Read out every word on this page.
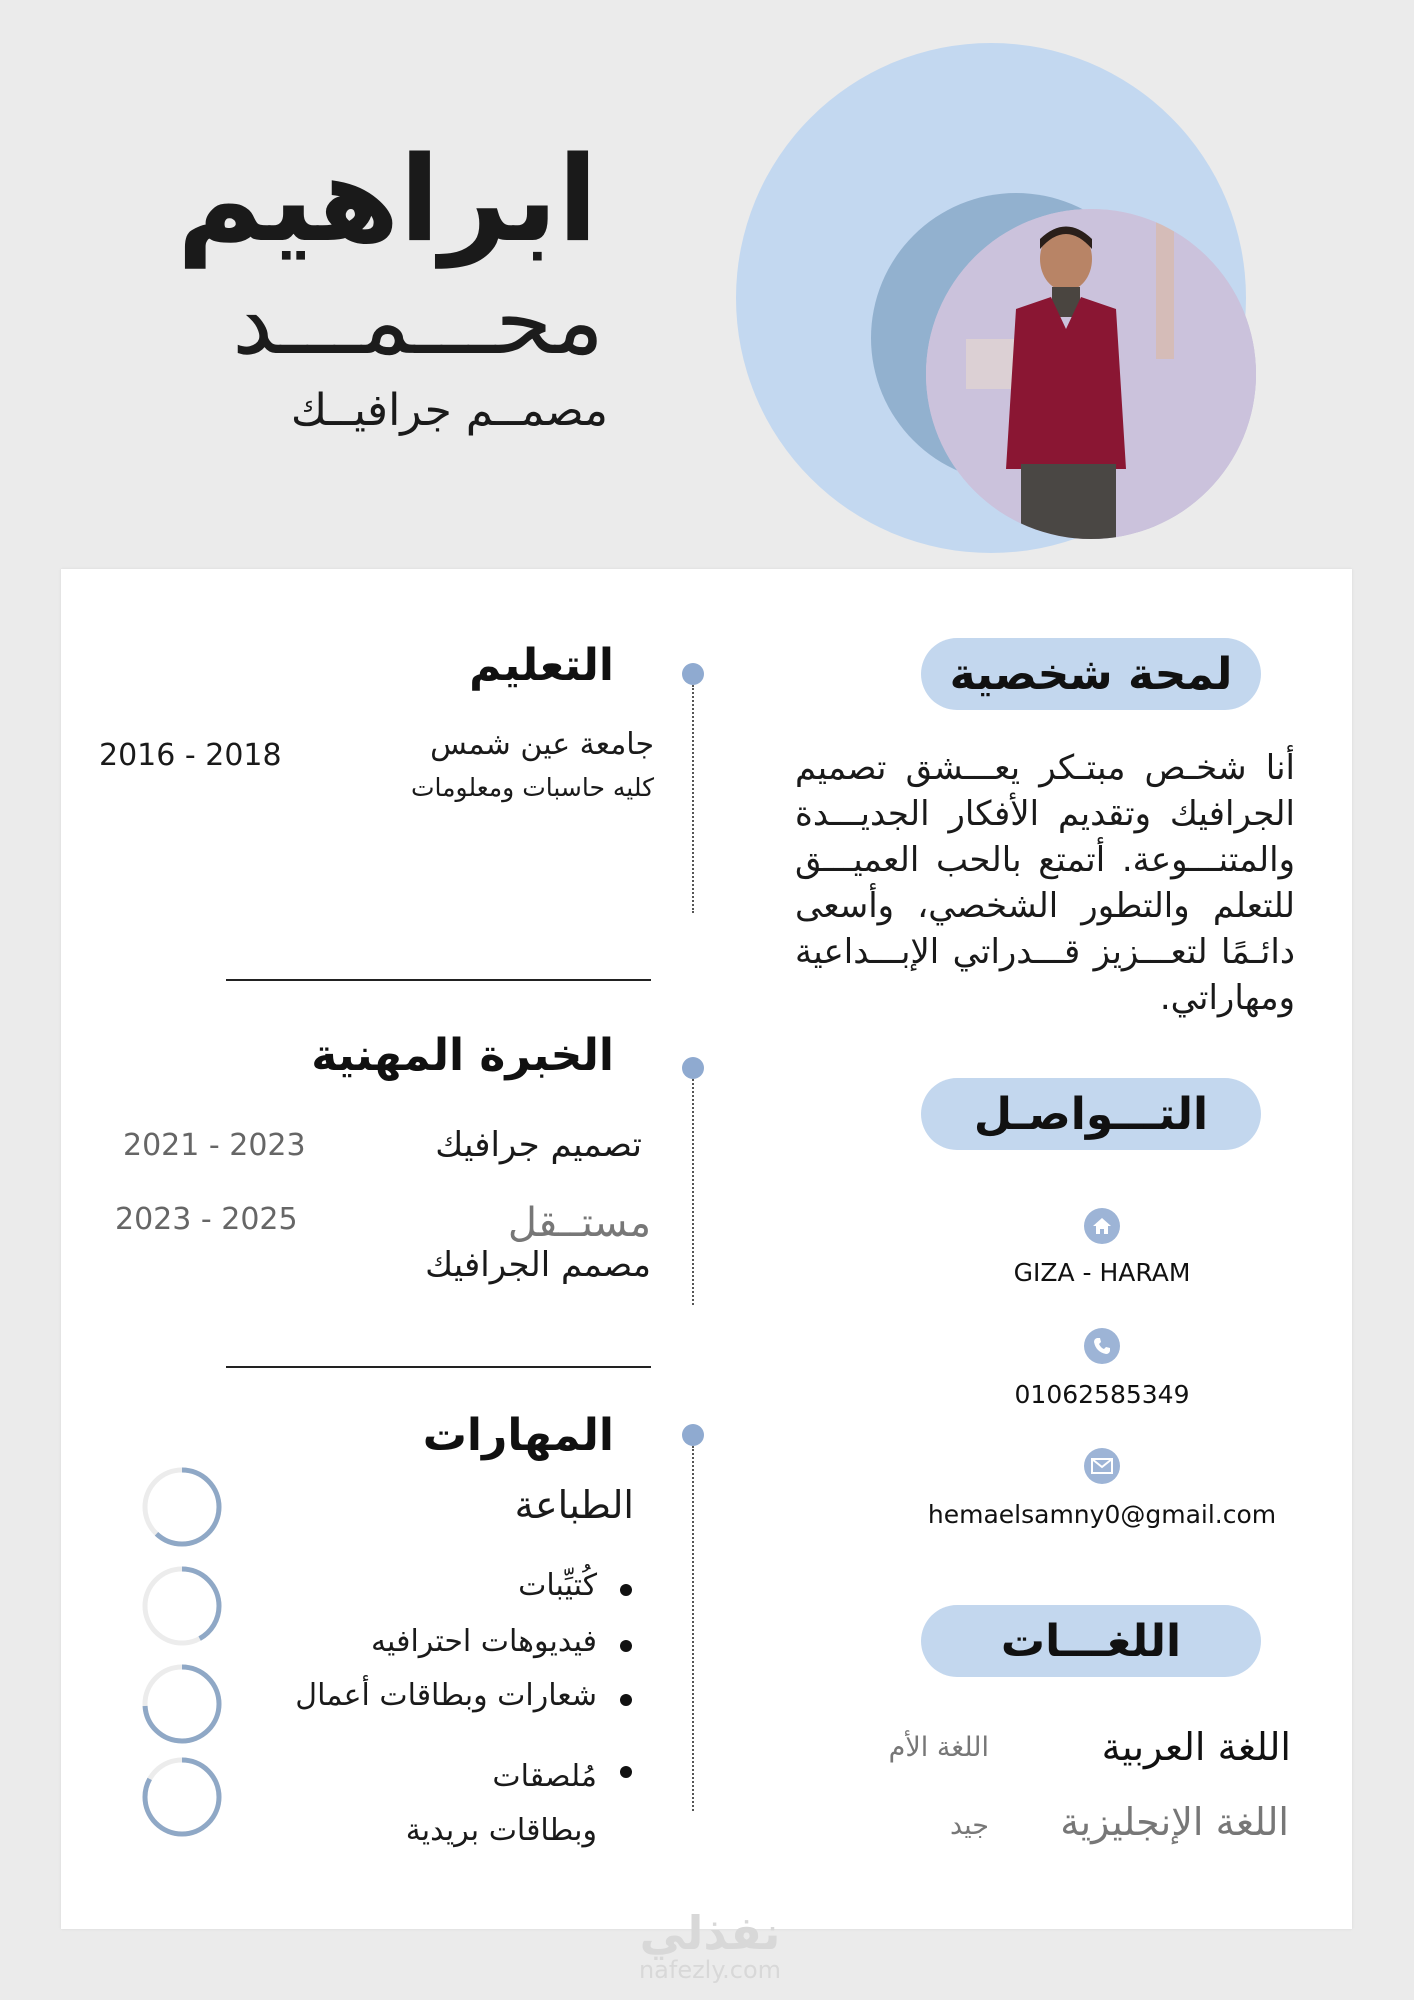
ابراهيم
محـــمـــد
مصمــم جرافيــك
لمحة شخصية
أنا شخـص مبتـكر يعـــشق تصميم الجرافيك وتقديم الأفكار الجديـــدة والمتنـــوعة. أتمتع بالحب العميـــق للتعلم والتطور الشخصي، وأسعى دائـمًا لتعـــزيز قـــدراتي الإبـــداعية ومهاراتي.
التـــواصـل
GIZA - HARAM
01062585349
hemaelsamny0@gmail.com
اللغـــات
اللغة العربية
اللغة الأم
اللغة الإنجليزية
جيد
التعليم
جامعة عين شمس
كليه حاسبات ومعلومات
2016 - 2018
الخبرة المهنية
تصميم جرافيك
2021 - 2023
مستــقل
مصمم الجرافيك
2023 - 2025
المهارات
الطباعة
كُتيِّبات
فيديوهات احترافيه
شعارات وبطاقات أعمال
مُلصقات وبطاقات بريدية
نفذلي
nafezly.com
